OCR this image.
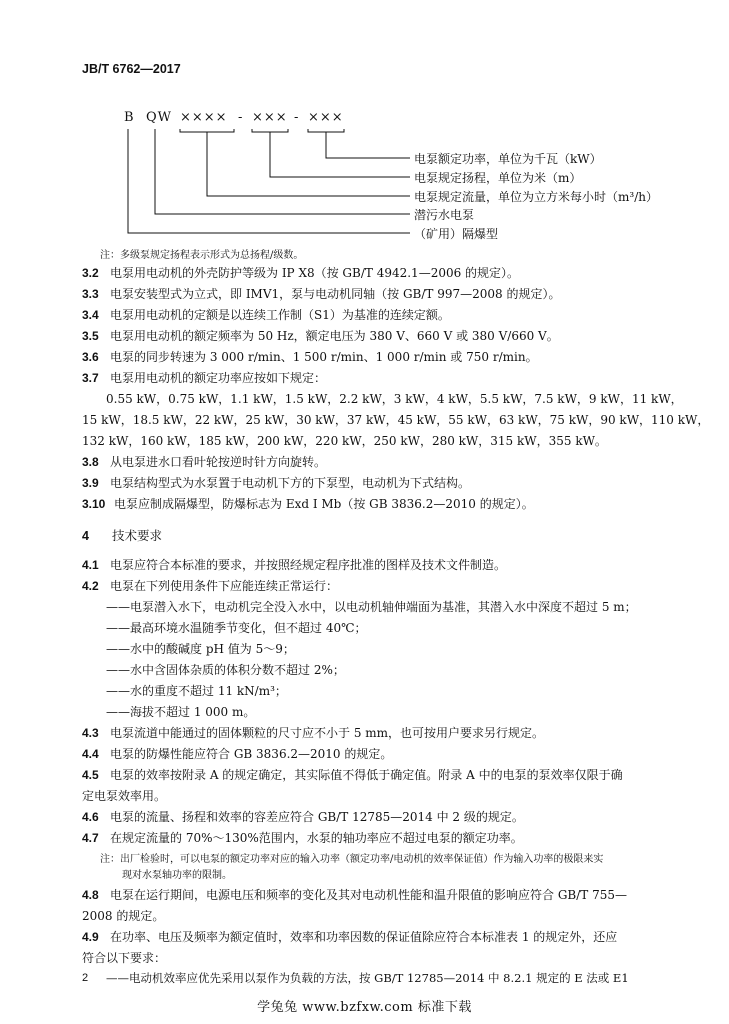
JB/T 6762—2017
B QW ×××× - ××× - ×××
电泵额定功率，单位为千瓦（kW）
电泵规定扬程，单位为米（m）
电泵规定流量，单位为立方米每小时（m³/h）
潜污水电泵
（矿用）隔爆型
注：多级泵规定扬程表示形式为总扬程/级数。
3.2 电泵用电动机的外壳防护等级为 IP X8（按 GB/T 4942.1—2006 的规定）。
3.3 电泵安装型式为立式，即 IMV1，泵与电动机同轴（按 GB/T 997—2008 的规定）。
3.4 电泵用电动机的定额是以连续工作制（S1）为基准的连续定额。
3.5 电泵用电动机的额定频率为 50 Hz，额定电压为 380 V、660 V 或 380 V/660 V。
3.6 电泵的同步转速为 3 000 r/min、1 500 r/min、1 000 r/min 或 750 r/min。
3.7 电泵用电动机的额定功率应按如下规定：
0.55 kW，0.75 kW，1.1 kW，1.5 kW，2.2 kW，3 kW，4 kW，5.5 kW，7.5 kW，9 kW，11 kW，
15 kW，18.5 kW，22 kW，25 kW，30 kW，37 kW，45 kW，55 kW，63 kW，75 kW，90 kW，110 kW，
132 kW，160 kW，185 kW，200 kW，220 kW，250 kW，280 kW，315 kW，355 kW。
3.8 从电泵进水口看叶轮按逆时针方向旋转。
3.9 电泵结构型式为水泵置于电动机下方的下泵型，电动机为下式结构。
3.10 电泵应制成隔爆型，防爆标志为 Exd Ⅰ Mb（按 GB 3836.2—2010 的规定）。
4 技术要求
4.1 电泵应符合本标准的要求，并按照经规定程序批准的图样及技术文件制造。
4.2 电泵在下列使用条件下应能连续正常运行：
——电泵潜入水下，电动机完全没入水中，以电动机轴伸端面为基准，其潜入水中深度不超过 5 m；
——最高环境水温随季节变化，但不超过 40℃；
——水中的酸碱度 pH 值为 5～9；
——水中含固体杂质的体积分数不超过 2%；
——水的重度不超过 11 kN/m³；
——海拔不超过 1 000 m。
4.3 电泵流道中能通过的固体颗粒的尺寸应不小于 5 mm，也可按用户要求另行规定。
4.4 电泵的防爆性能应符合 GB 3836.2—2010 的规定。
4.5 电泵的效率按附录 A 的规定确定，其实际值不得低于确定值。附录 A 中的电泵的泵效率仅限于确
定电泵效率用。
4.6 电泵的流量、扬程和效率的容差应符合 GB/T 12785—2014 中 2 级的规定。
4.7 在规定流量的 70%～130%范围内，水泵的轴功率应不超过电泵的额定功率。
注：出厂检验时，可以电泵的额定功率对应的输入功率（额定功率/电动机的效率保证值）作为输入功率的极限来实
现对水泵轴功率的限制。
4.8 电泵在运行期间，电源电压和频率的变化及其对电动机性能和温升限值的影响应符合 GB/T 755—
2008 的规定。
4.9 在功率、电压及频率为额定值时，效率和功率因数的保证值除应符合本标准表 1 的规定外，还应
符合以下要求：
——电动机效率应优先采用以泵作为负载的方法，按 GB/T 12785—2014 中 8.2.1 规定的 E 法或 E1
2
学兔兔 www.bzfxw.com 标准下载
